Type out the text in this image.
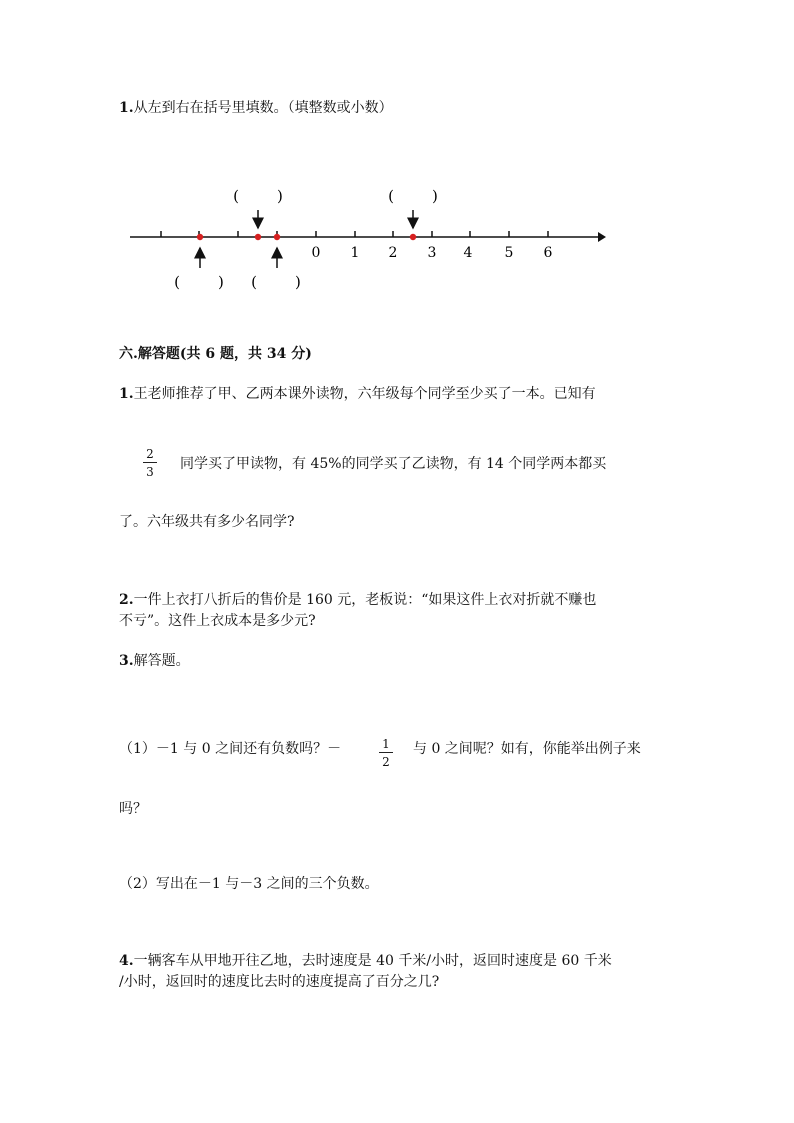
1.从左到右在括号里填数。（填整数或小数）
0 1 2 3 4 5 6
(        )	(        )
(        ) (        )
六.解答题(共 6 题，共 34 分)
1.王老师推荐了甲、乙两本课外读物，六年级每个同学至少买了一本。已知有
$\frac{2}{3}$ 同学买了甲读物，有 45%的同学买了乙读物，有 14 个同学两本都买
了。六年级共有多少名同学?
2.一件上衣打八折后的售价是 160 元，老板说：“如果这件上衣对折就不赚也
不亏”。这件上衣成本是多少元?
3.解答题。
（1）－1 与 0 之间还有负数吗？－	$\frac{1}{2}$ 与 0 之间呢？如有，你能举出例子来
吗？
（2）写出在－1 与－3 之间的三个负数。
4.一辆客车从甲地开往乙地，去时速度是 40 千米/小时，返回时速度是 60 千米
/小时，返回时的速度比去时的速度提高了百分之几?
